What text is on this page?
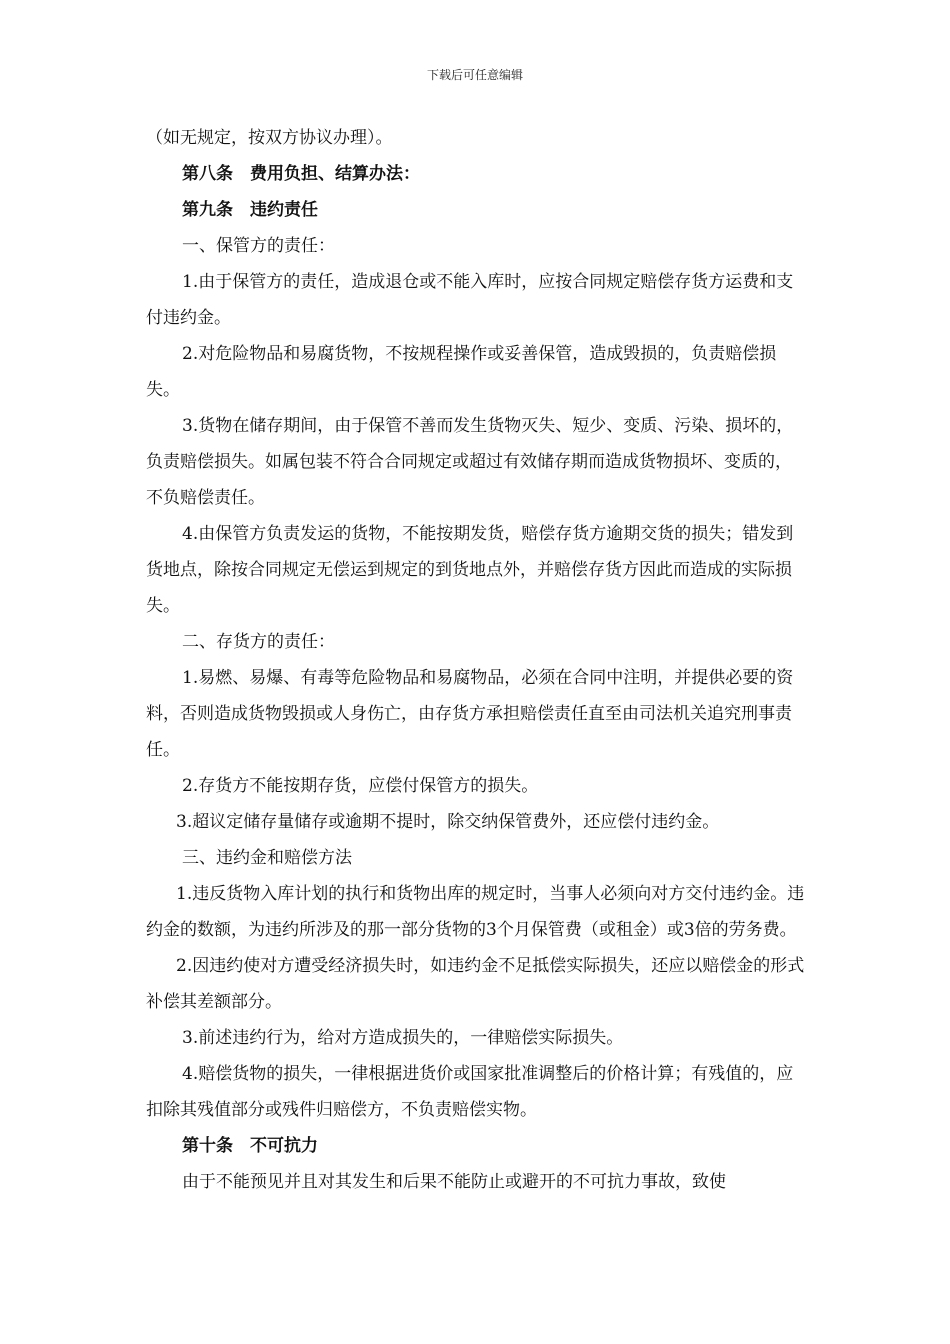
下载后可任意编辑

（如无规定，按双方协议办理）。

第八条　费用负担、结算办法：

第九条　违约责任

一、保管方的责任：

1.由于保管方的责任，造成退仓或不能入库时，应按合同规定赔偿存货方运费和支付违约金。

2.对危险物品和易腐货物，不按规程操作或妥善保管，造成毁损的，负责赔偿损失。

3.货物在储存期间，由于保管不善而发生货物灭失、短少、变质、污染、损坏的，负责赔偿损失。如属包装不符合合同规定或超过有效储存期而造成货物损坏、变质的，不负赔偿责任。

4.由保管方负责发运的货物，不能按期发货，赔偿存货方逾期交货的损失；错发到货地点，除按合同规定无偿运到规定的到货地点外，并赔偿存货方因此而造成的实际损失。

二、存货方的责任：

1.易燃、易爆、有毒等危险物品和易腐物品，必须在合同中注明，并提供必要的资料，否则造成货物毁损或人身伤亡，由存货方承担赔偿责任直至由司法机关追究刑事责任。

2.存货方不能按期存货，应偿付保管方的损失。

3.超议定储存量储存或逾期不提时，除交纳保管费外，还应偿付违约金。

三、违约金和赔偿方法

1.违反货物入库计划的执行和货物出库的规定时，当事人必须向对方交付违约金。违约金的数额，为违约所涉及的那一部分货物的3个月保管费（或租金）或3倍的劳务费。

2.因违约使对方遭受经济损失时，如违约金不足抵偿实际损失，还应以赔偿金的形式补偿其差额部分。

3.前述违约行为，给对方造成损失的，一律赔偿实际损失。

4.赔偿货物的损失，一律根据进货价或国家批准调整后的价格计算；有残值的，应扣除其残值部分或残件归赔偿方，不负责赔偿实物。

第十条　不可抗力

由于不能预见并且对其发生和后果不能防止或避开的不可抗力事故，致使
